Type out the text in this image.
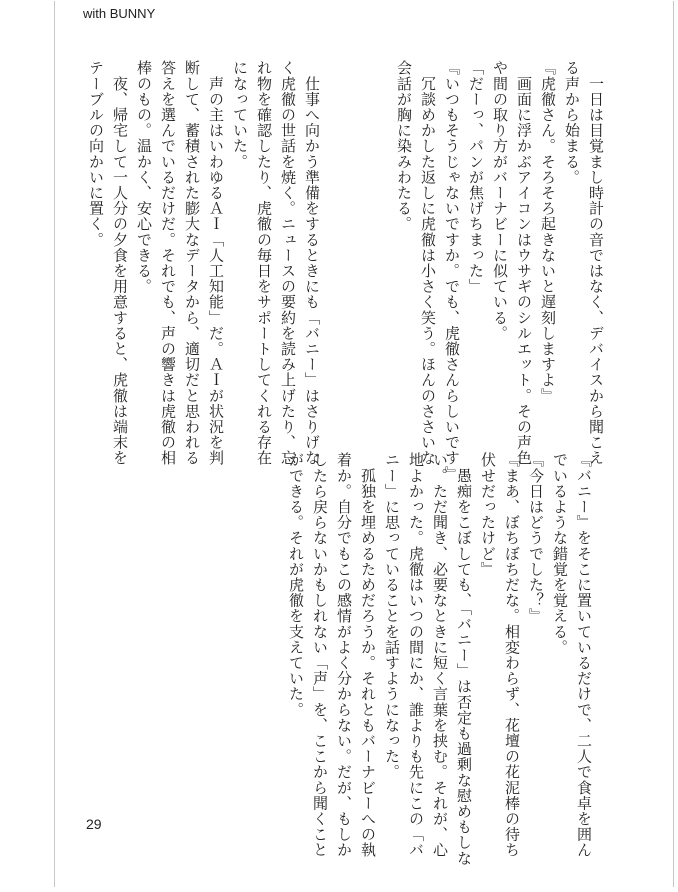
with BUNNY
　一日は目覚まし時計の音ではなく、デバイスから聞こえ
る声から始まる。
『虎徹さん。そろそろ起きないと遅刻しますよ』
　画面に浮かぶアイコンはウサギのシルエット。その声色
や間の取り方がバーナビーに似ている。
「だーっ、パンが焦げちまった」
『いつもそうじゃないですか。でも、虎徹さんらしいです』
　冗談めかした返しに虎徹は小さく笑う。ほんのささいな
会話が胸に染みわたる。
　仕事へ向かう準備をするときにも「バニー」はさりげな
く虎徹の世話を焼く。ニュースの要約を読み上げたり、忘
れ物を確認したり、虎徹の毎日をサポートしてくれる存在
になっていた。
　声の主はいわゆるＡＩ「人工知能」だ。ＡＩが状況を判
断して、蓄積された膨大なデータから、適切だと思われる
答えを選んでいるだけだ。それでも、声の響きは虎徹の相
棒のもの。温かく、安心できる。
　夜、帰宅して一人分の夕食を用意すると、虎徹は端末を
テーブルの向かいに置く。
『バニー』をそこに置いているだけで、二人で食卓を囲ん
でいるような錯覚を覚える。
『今日はどうでした？』
『まあ、ぼちぼちだな。相変わらず、花壇の花泥棒の待ち
伏せだったけど』
　愚痴をこぼしても、「バニー」は否定も過剰な慰めもしな
い。ただ聞き、必要なときに短く言葉を挟む。それが、心
地よかった。虎徹はいつの間にか、誰よりも先にこの「バ
ニー」に思っていることを話すようになった。
　孤独を埋めるためだろうか。それともバーナビーへの執
着か。自分でもこの感情がよく分からない。だが、もしか
したら戻らないかもしれない「声」を、ここから聞くこと
ができる。それが虎徹を支えていた。
29
